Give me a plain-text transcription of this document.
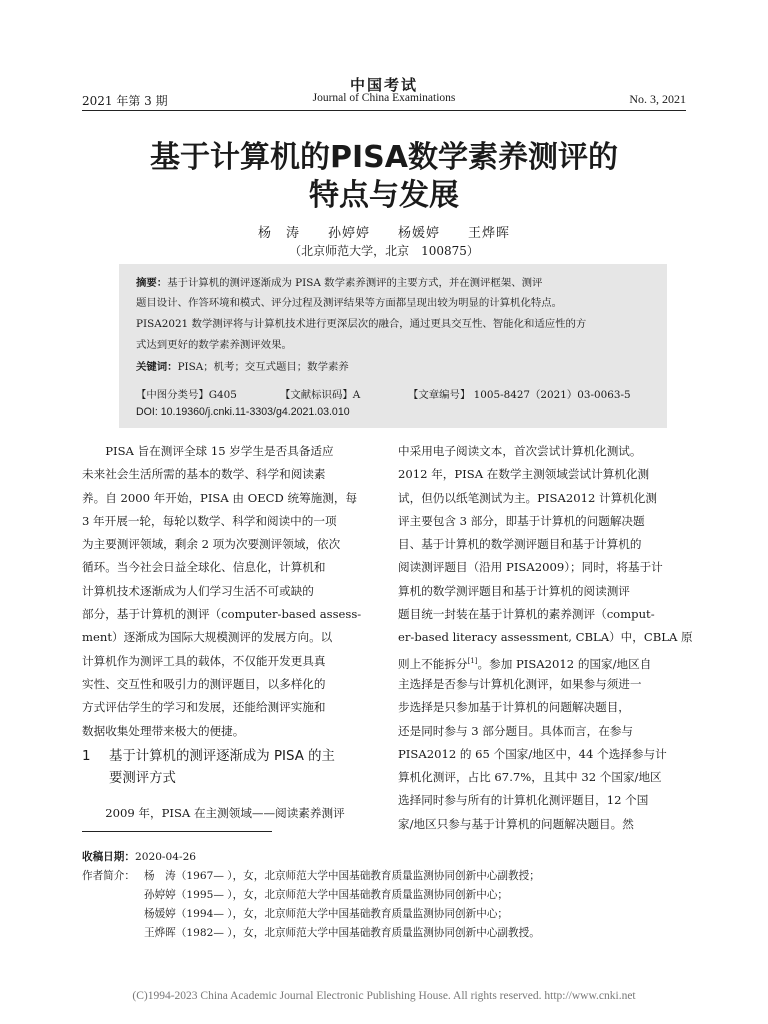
中国考试
2021 年第 3 期	Journal of China Examinations	No. 3, 2021
基于计算机的PISA数学素养测评的
特点与发展
杨　涛　　孙婷婷　　杨媛婷　　王烨晖
（北京师范大学，北京　100875）
摘要：基于计算机的测评逐渐成为 PISA 数学素养测评的主要方式，并在测评框架、测评
题目设计、作答环境和模式、评分过程及测评结果等方面都呈现出较为明显的计算机化特点。
PISA2021 数学测评将与计算机技术进行更深层次的融合，通过更具交互性、智能化和适应性的方
式达到更好的数学素养测评效果。
关键词：PISA；机考；交互式题目；数学素养
【中图分类号】G405	【文献标识码】A	【文章编号】 1005-8427（2021）03-0063-5
DOI: 10.19360/j.cnki.11-3303/g4.2021.03.010
　　PISA 旨在测评全球 15 岁学生是否具备适应
未来社会生活所需的基本的数学、科学和阅读素
养。自 2000 年开始，PISA 由 OECD 统筹施测，每
3 年开展一轮，每轮以数学、科学和阅读中的一项
为主要测评领域，剩余 2 项为次要测评领域，依次
循环。当今社会日益全球化、信息化，计算机和
计算机技术逐渐成为人们学习生活不可或缺的
部分，基于计算机的测评（computer-based assess-
ment）逐渐成为国际大规模测评的发展方向。以
计算机作为测评工具的载体，不仅能开发更具真
实性、交互性和吸引力的测评题目，以多样化的
方式评估学生的学习和发展，还能给测评实施和
数据收集处理带来极大的便捷。
1 基于计算机的测评逐渐成为 PISA 的主
要测评方式
　　2009 年，PISA 在主测领域——阅读素养测评
中采用电子阅读文本，首次尝试计算机化测试。
2012 年，PISA 在数学主测领域尝试计算机化测
试，但仍以纸笔测试为主。PISA2012 计算机化测
评主要包含 3 部分，即基于计算机的问题解决题
目、基于计算机的数学测评题目和基于计算机的
阅读测评题目（沿用 PISA2009）；同时，将基于计
算机的数学测评题目和基于计算机的阅读测评
题目统一封装在基于计算机的素养测评（comput-
er-based literacy assessment, CBLA）中，CBLA 原
则上不能拆分[1]。参加 PISA2012 的国家/地区自
主选择是否参与计算机化测评，如果参与须进一
步选择是只参加基于计算机的问题解决题目，
还是同时参与 3 部分题目。具体而言，在参与
PISA2012 的 65 个国家/地区中，44 个选择参与计
算机化测评，占比 67.7%，且其中 32 个国家/地区
选择同时参与所有的计算机化测评题目，12 个国
家/地区只参与基于计算机的问题解决题目。然
收稿日期：2020-04-26
作者简介： 杨　涛（1967— ），女，北京师范大学中国基础教育质量监测协同创新中心副教授；
孙婷婷（1995— ），女，北京师范大学中国基础教育质量监测协同创新中心；
杨媛婷（1994— ），女，北京师范大学中国基础教育质量监测协同创新中心；
王烨晖（1982— ），女，北京师范大学中国基础教育质量监测协同创新中心副教授。
(C)1994-2023 China Academic Journal Electronic Publishing House. All rights reserved. http://www.cnki.net
